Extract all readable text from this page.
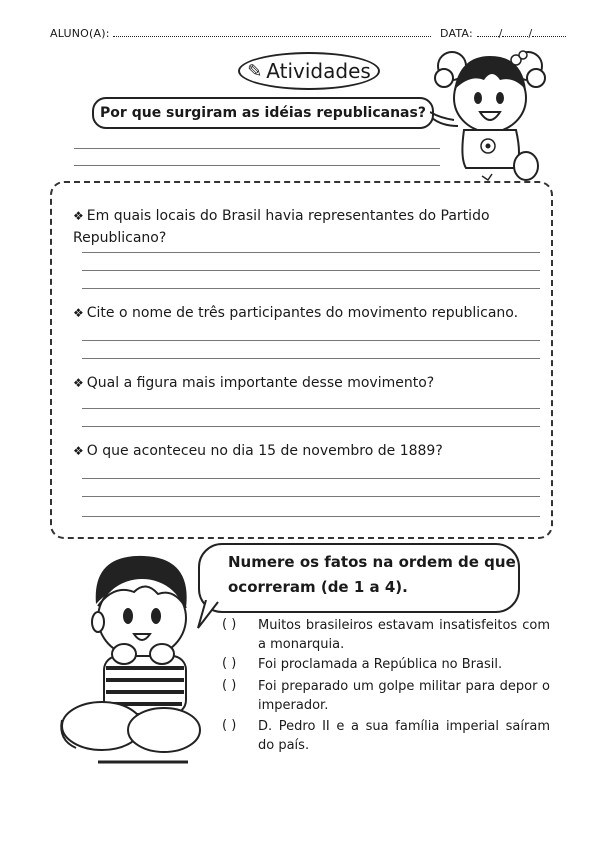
ALUNO(A):	DATA: / /
✎ Atividades
Por que surgiram as idéias republicanas?
❖ Em quais locais do Brasil havia representantes do Partido Republicano?
❖ Cite o nome de três participantes do movimento republicano.
❖ Qual a figura mais importante desse movimento?
❖ O que aconteceu no dia 15 de novembro de 1889?
Numere os fatos na ordem de que ocorreram (de 1 a 4).
( ) Muitos brasileiros estavam insatisfeitos com a monarquia.
( ) Foi proclamada a República no Brasil.
( ) Foi preparado um golpe militar para depor o imperador.
( ) D. Pedro II e a sua família imperial saíram do país.
